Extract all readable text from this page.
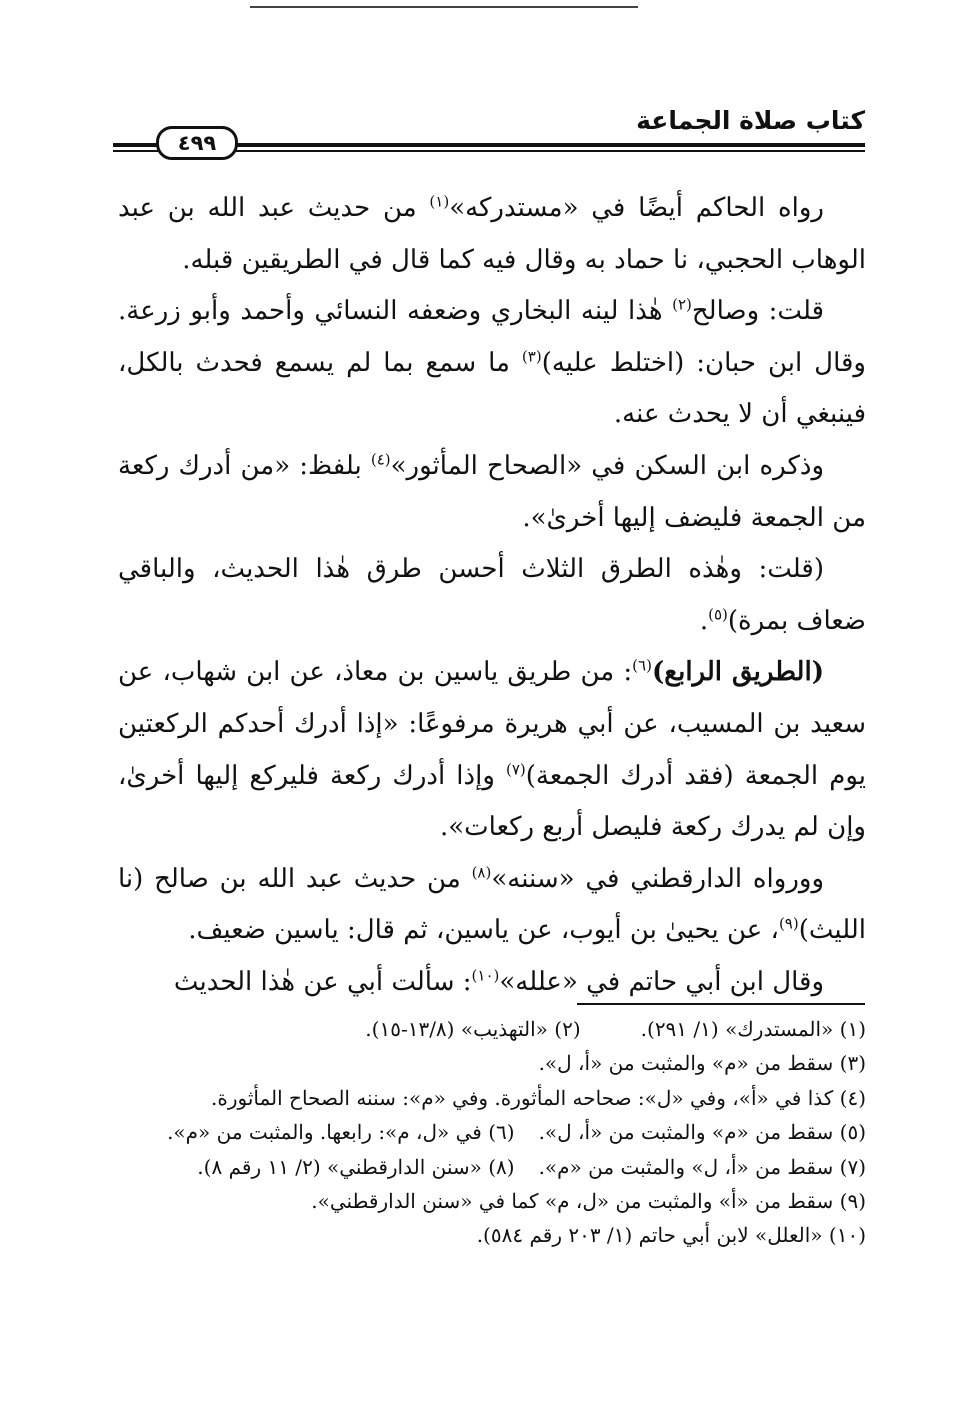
كتاب صلاة الجماعة
٤٩٩

رواه الحاكم أيضًا في «مستدركه»$^{(١)}$ من حديث عبد الله بن عبد الوهاب الحجبي، نا حماد به وقال فيه كما قال في الطريقين قبله.

قلت: وصالح$^{(٢)}$ هٰذا لينه البخاري وضعفه النسائي وأحمد وأبو زرعة. وقال ابن حبان: (اختلط عليه)$^{(٣)}$ ما سمع بما لم يسمع فحدث بالكل، فينبغي أن لا يحدث عنه.

وذكره ابن السكن في «الصحاح المأثور»$^{(٤)}$ بلفظ: «من أدرك ركعة من الجمعة فليضف إليها أخرىٰ».

(قلت: وهٰذه الطرق الثلاث أحسن طرق هٰذا الحديث، والباقي ضعاف بمرة)$^{(٥)}$.

(الطريق الرابع)$^{(٦)}$: من طريق ياسين بن معاذ، عن ابن شهاب، عن سعيد بن المسيب، عن أبي هريرة مرفوعًا: «إذا أدرك أحدكم الركعتين يوم الجمعة (فقد أدرك الجمعة)$^{(٧)}$ وإذا أدرك ركعة فليركع إليها أخرىٰ، وإن لم يدرك ركعة فليصل أربع ركعات».

وورواه الدارقطني في «سننه»$^{(٨)}$ من حديث عبد الله بن صالح (نا الليث)$^{(٩)}$، عن يحيىٰ بن أيوب، عن ياسين، ثم قال: ياسين ضعيف.

وقال ابن أبي حاتم في «علله»$^{(١٠)}$: سألت أبي عن هٰذا الحديث

(١) «المستدرك» (١/ ٢٩١).(٢) «التهذيب» (١٣/٨-١٥).
(٣) سقط من «م» والمثبت من «أ، ل».
(٤) كذا في «أ»، وفي «ل»: صحاحه المأثورة. وفي «م»: سننه الصحاح المأثورة.
(٥) سقط من «م» والمثبت من «أ، ل».(٦) في «ل، م»: رابعها. والمثبت من «م».
(٧) سقط من «أ، ل» والمثبت من «م».(٨) «سنن الدارقطني» (٢/ ١١ رقم ٨).
(٩) سقط من «أ» والمثبت من «ل، م» كما في «سنن الدارقطني».
(١٠) «العلل» لابن أبي حاتم (١/ ٢٠٣ رقم ٥٨٤).
